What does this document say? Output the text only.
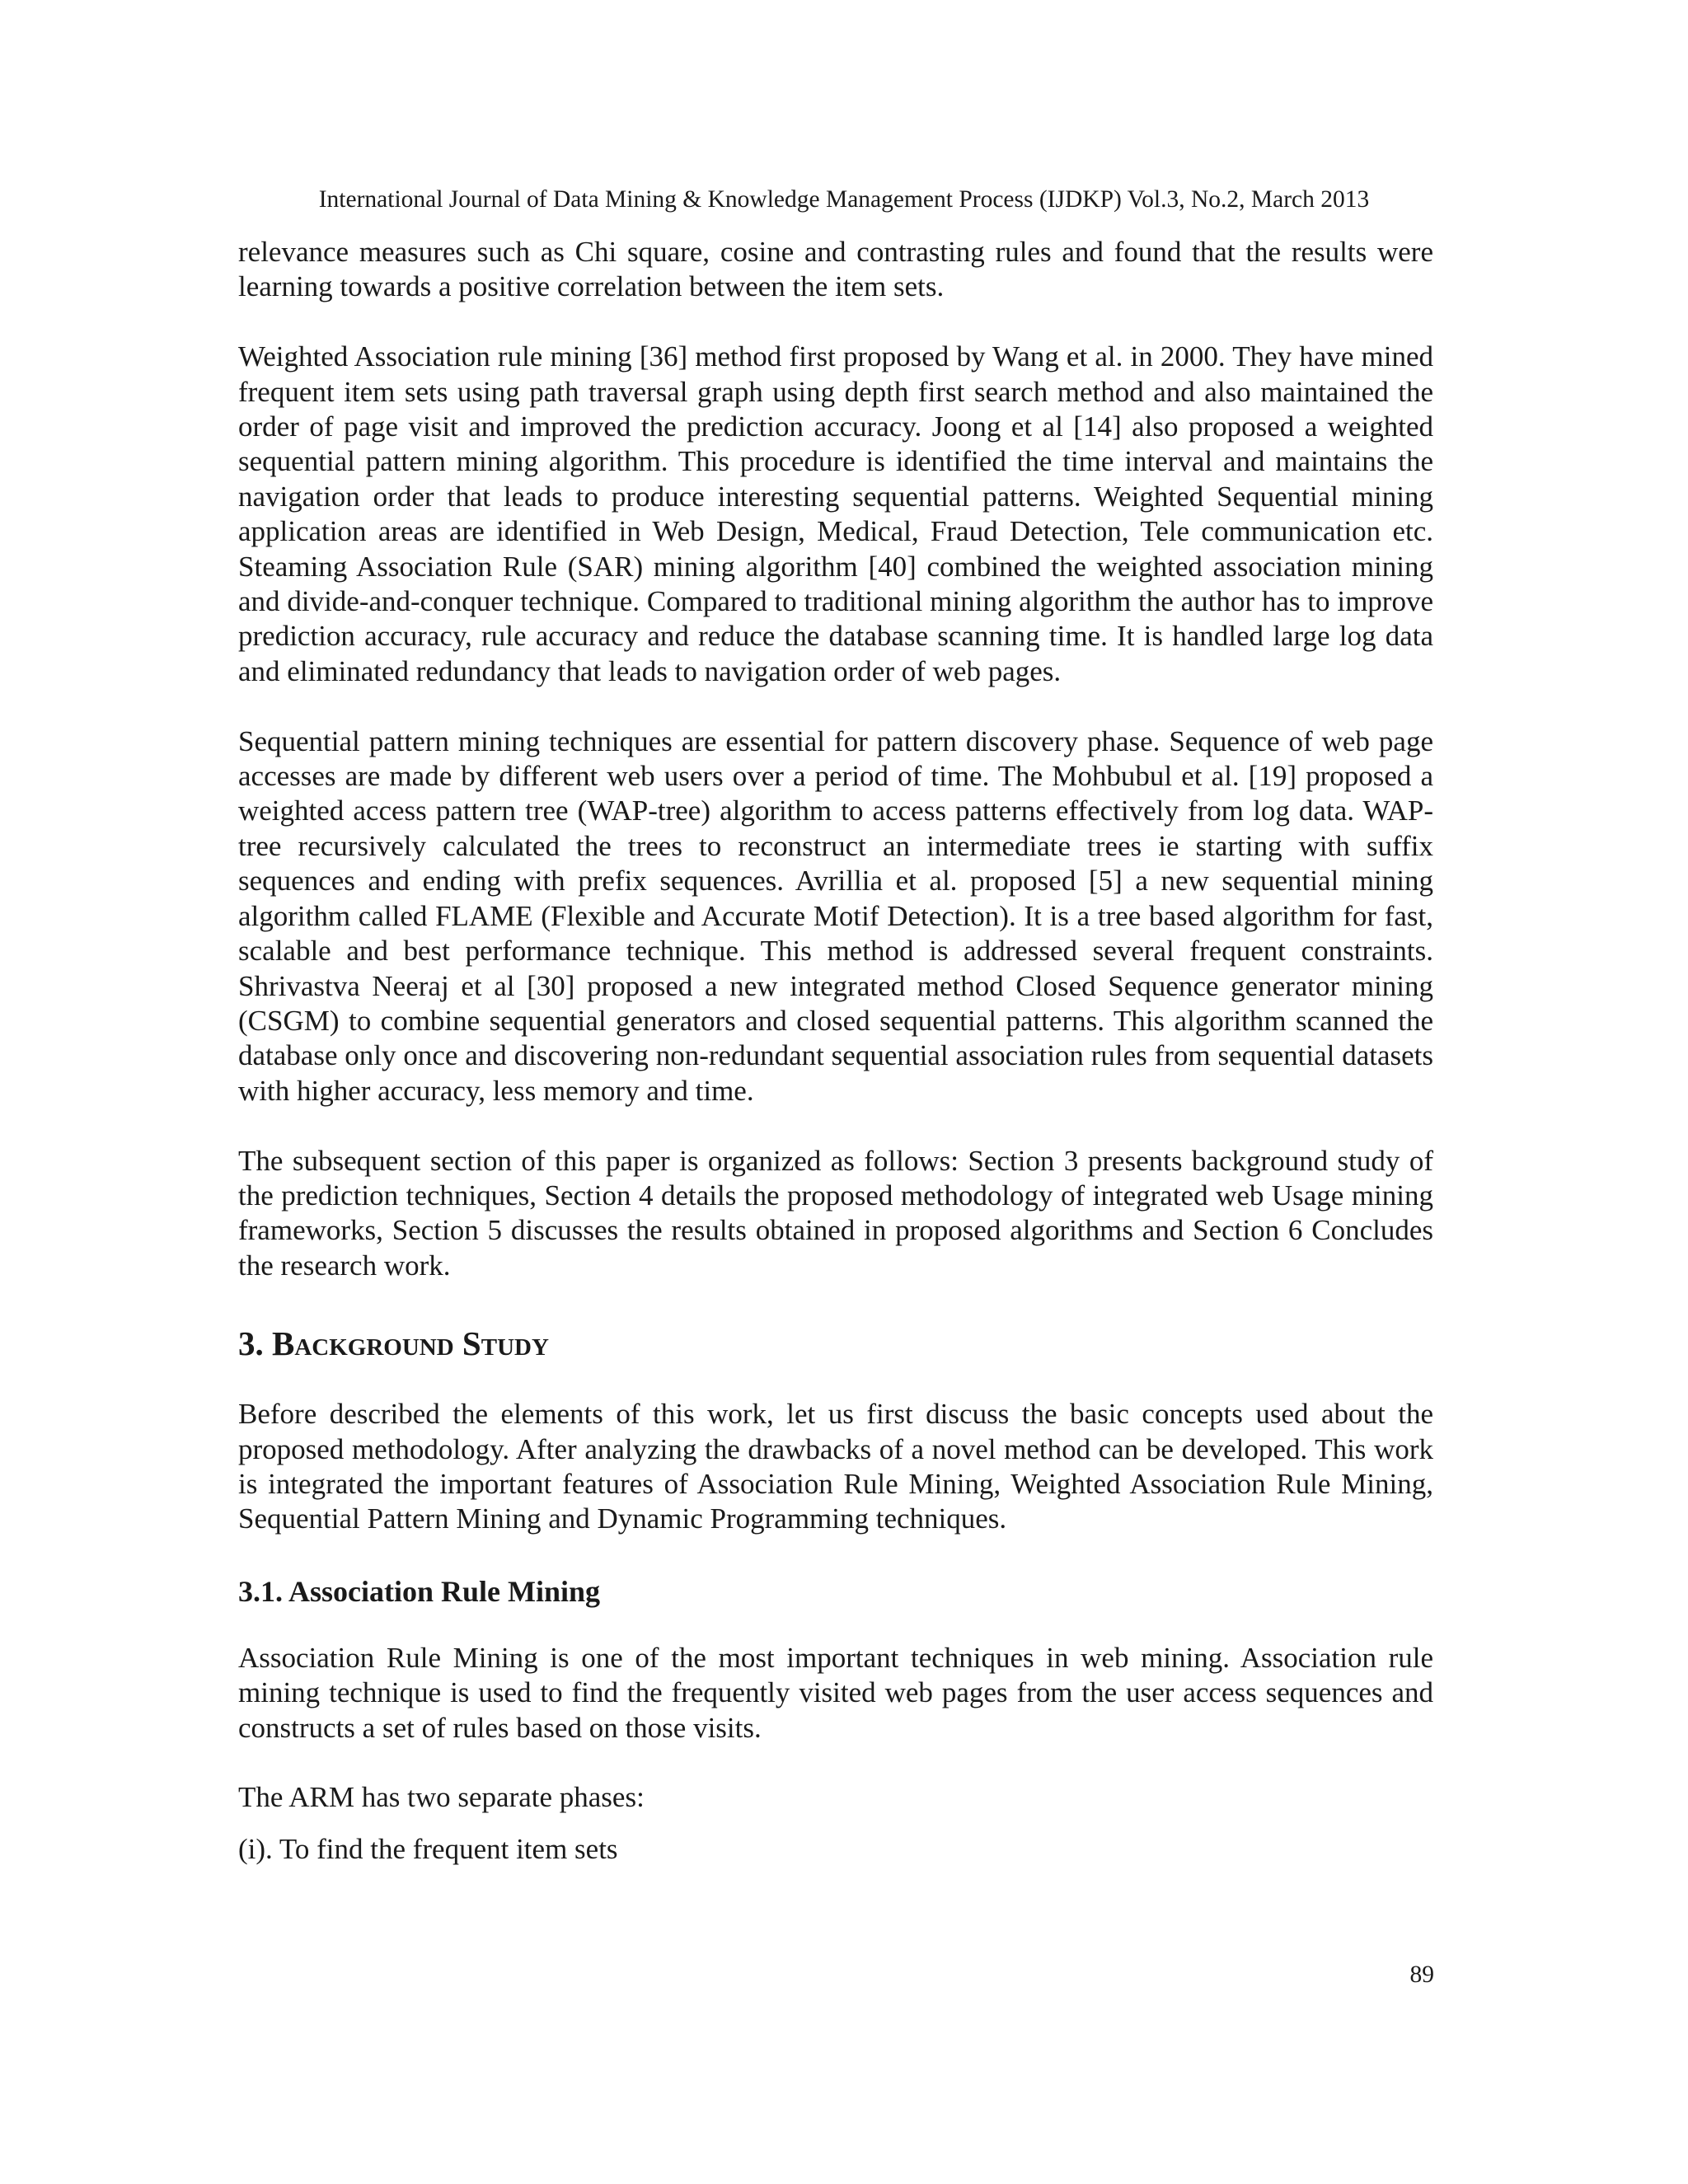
International Journal of Data Mining & Knowledge Management Process (IJDKP) Vol.3, No.2, March 2013

relevance measures such as Chi square, cosine and contrasting rules and found that the results were learning towards a positive correlation between the item sets.

Weighted Association rule mining [36] method first proposed by Wang et al. in 2000. They have mined frequent item sets using path traversal graph using depth first search method and also maintained the order of page visit and improved the prediction accuracy. Joong et al [14] also proposed a weighted sequential pattern mining algorithm. This procedure is identified the time interval and maintains the navigation order that leads to produce interesting sequential patterns. Weighted Sequential mining application areas are identified in Web Design, Medical, Fraud Detection, Tele communication etc. Steaming Association Rule (SAR) mining algorithm [40] combined the weighted association mining and divide-and-conquer technique. Compared to traditional mining algorithm the author has to improve prediction accuracy, rule accuracy and reduce the database scanning time. It is handled large log data and eliminated redundancy that leads to navigation order of web pages.

Sequential pattern mining techniques are essential for pattern discovery phase. Sequence of web page accesses are made by different web users over a period of time. The Mohbubul et al. [19] proposed a weighted access pattern tree (WAP-tree) algorithm to access patterns effectively from log data. WAP-tree recursively calculated the trees to reconstruct an intermediate trees ie starting with suffix sequences and ending with prefix sequences. Avrillia et al. proposed [5] a new sequential mining algorithm called FLAME (Flexible and Accurate Motif Detection). It is a tree based algorithm for fast, scalable and best performance technique. This method is addressed several frequent constraints. Shrivastva Neeraj et al [30] proposed a new integrated method Closed Sequence generator mining (CSGM) to combine sequential generators and closed sequential patterns. This algorithm scanned the database only once and discovering non-redundant sequential association rules from sequential datasets with higher accuracy, less memory and time.

The subsequent section of this paper is organized as follows: Section 3 presents background study of the prediction techniques, Section 4 details the proposed methodology of integrated web Usage mining frameworks, Section 5 discusses the results obtained in proposed algorithms and Section 6 Concludes the research work.

3. Background Study

Before described the elements of this work, let us first discuss the basic concepts used about the proposed methodology. After analyzing the drawbacks of a novel method can be developed. This work is integrated the important features of Association Rule Mining, Weighted Association Rule Mining, Sequential Pattern Mining and Dynamic Programming techniques.

3.1. Association Rule Mining

Association Rule Mining is one of the most important techniques in web mining. Association rule mining technique is used to find the frequently visited web pages from the user access sequences and constructs a set of rules based on those visits.

The ARM has two separate phases:

(i). To find the frequent item sets

89
